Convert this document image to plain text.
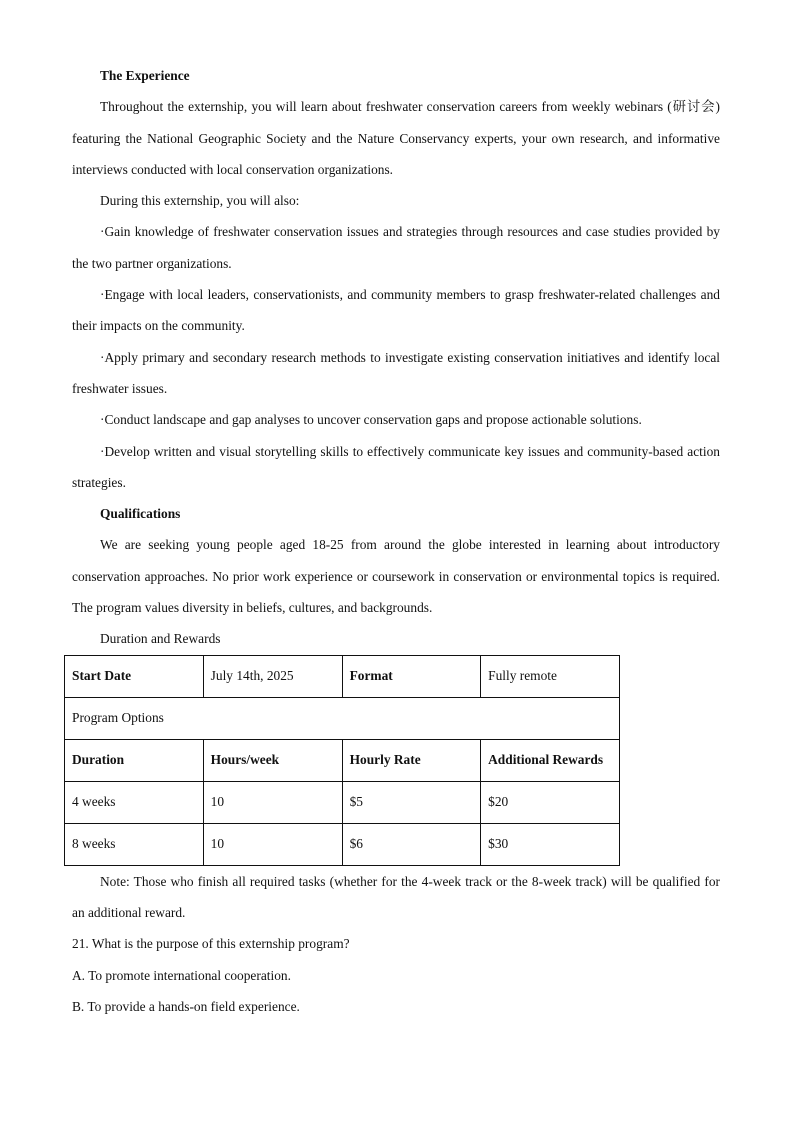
The Experience

Throughout the externship, you will learn about freshwater conservation careers from weekly webinars (研讨会) featuring the National Geographic Society and the Nature Conservancy experts, your own research, and informative interviews conducted with local conservation organizations.

During this externship, you will also:

·Gain knowledge of freshwater conservation issues and strategies through resources and case studies provided by the two partner organizations.

·Engage with local leaders, conservationists, and community members to grasp freshwater-related challenges and their impacts on the community.

·Apply primary and secondary research methods to investigate existing conservation initiatives and identify local freshwater issues.

·Conduct landscape and gap analyses to uncover conservation gaps and propose actionable solutions.

·Develop written and visual storytelling skills to effectively communicate key issues and community-based action strategies.

Qualifications

We are seeking young people aged 18-25 from around the globe interested in learning about introductory conservation approaches. No prior work experience or coursework in conservation or environmental topics is required. The program values diversity in beliefs, cultures, and backgrounds.

Duration and Rewards

Start Date	July 14th, 2025	Format	Fully remote
Program Options			
Duration	Hours/week	Hourly Rate	Additional Rewards
4 weeks	10	$5	$20
8 weeks	10	$6	$30

Note: Those who finish all required tasks (whether for the 4-week track or the 8-week track) will be qualified for an additional reward.

21. What is the purpose of this externship program?

A. To promote international cooperation.

B. To provide a hands-on field experience.
